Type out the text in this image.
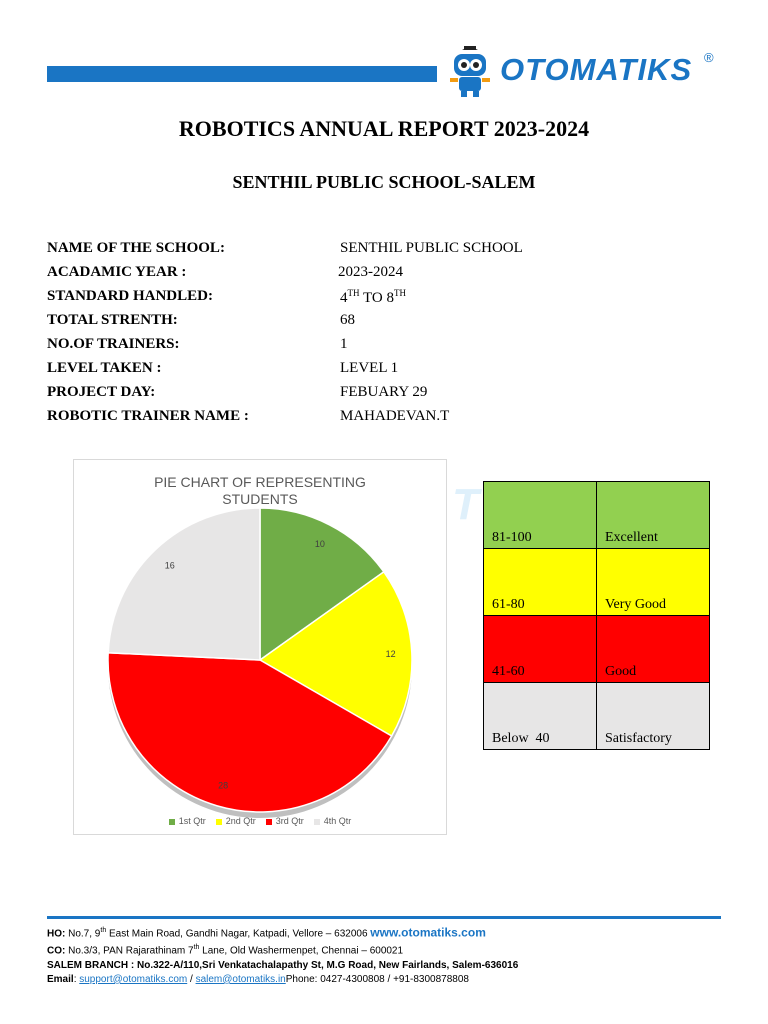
OTOMATIKS ®
ROBOTICS ANNUAL REPORT 2023-2024
SENTHIL PUBLIC SCHOOL-SALEM
NAME OF THE SCHOOL:	SENTHIL PUBLIC SCHOOL
ACADAMIC YEAR :	2023-2024
STANDARD HANDLED:	4TH TO 8TH
TOTAL STRENTH:	68
NO.OF TRAINERS:	1
LEVEL TAKEN :	LEVEL 1
PROJECT DAY:	FEBUARY 29
ROBOTIC TRAINER NAME :	MAHADEVAN.T
T
PIE CHART OF REPRESENTING
STUDENTS
10
12
28
16
1st Qtr 2nd Qtr 3rd Qtr 4th Qtr
81-100	Excellent
61-80	Very Good
41-60	Good
Below  40	Satisfactory
HO: No.7, 9th East Main Road, Gandhi Nagar, Katpadi, Vellore – 632006 www.otomatiks.com
CO: No.3/3, PAN Rajarathinam 7th Lane, Old Washermenpet, Chennai – 600021
SALEM BRANCH : No.322-A/110,Sri Venkatachalapathy St, M.G Road, New Fairlands, Salem-636016
Email: support@otomatiks.com / salem@otomatiks.inPhone: 0427-4300808 / +91-8300878808
